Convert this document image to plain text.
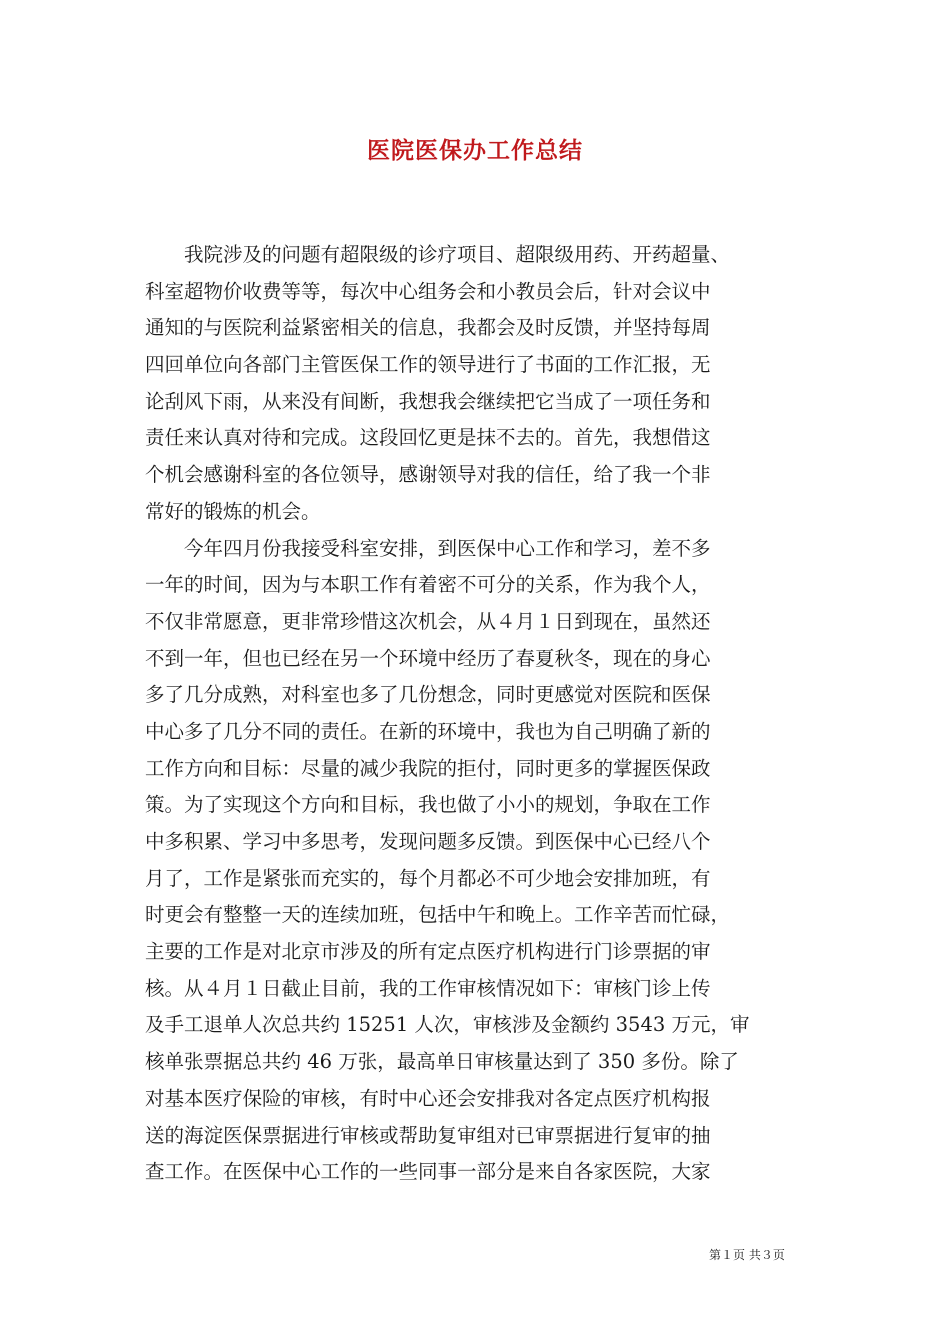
医院医保办工作总结
　　我院涉及的问题有超限级的诊疗项目、超限级用药、开药超量、
科室超物价收费等等，每次中心组务会和小教员会后，针对会议中
通知的与医院利益紧密相关的信息，我都会及时反馈，并坚持每周
四回单位向各部门主管医保工作的领导进行了书面的工作汇报，无
论刮风下雨，从来没有间断，我想我会继续把它当成了一项任务和
责任来认真对待和完成。这段回忆更是抹不去的。首先，我想借这
个机会感谢科室的各位领导，感谢领导对我的信任，给了我一个非
常好的锻炼的机会。
　　今年四月份我接受科室安排，到医保中心工作和学习，差不多
一年的时间，因为与本职工作有着密不可分的关系，作为我个人，
不仅非常愿意，更非常珍惜这次机会，从４月１日到现在，虽然还
不到一年，但也已经在另一个环境中经历了春夏秋冬，现在的身心
多了几分成熟，对科室也多了几份想念，同时更感觉对医院和医保
中心多了几分不同的责任。在新的环境中，我也为自己明确了新的
工作方向和目标：尽量的减少我院的拒付，同时更多的掌握医保政
策。为了实现这个方向和目标，我也做了小小的规划，争取在工作
中多积累、学习中多思考，发现问题多反馈。到医保中心已经八个
月了，工作是紧张而充实的，每个月都必不可少地会安排加班，有
时更会有整整一天的连续加班，包括中午和晚上。工作辛苦而忙碌，
主要的工作是对北京市涉及的所有定点医疗机构进行门诊票据的审
核。从４月１日截止目前，我的工作审核情况如下：审核门诊上传
及手工退单人次总共约 15251 人次，审核涉及金额约 3543 万元，审
核单张票据总共约 46 万张，最高单日审核量达到了 350 多份。除了
对基本医疗保险的审核，有时中心还会安排我对各定点医疗机构报
送的海淀医保票据进行审核或帮助复审组对已审票据进行复审的抽
查工作。在医保中心工作的一些同事一部分是来自各家医院，大家
第１页 共３页
